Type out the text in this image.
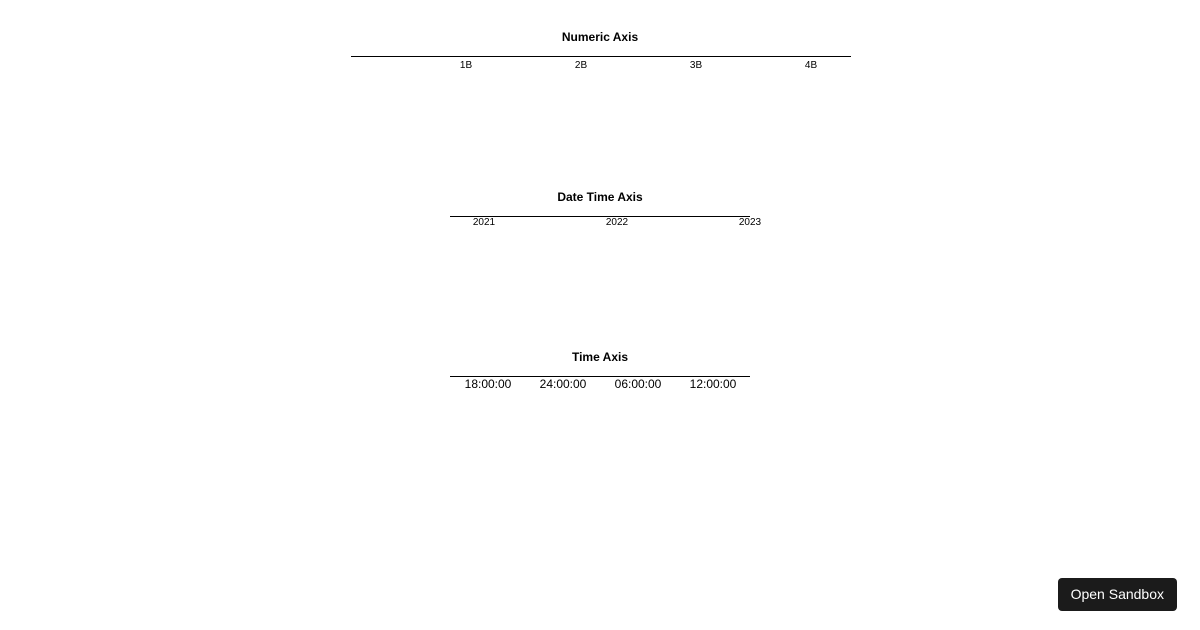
Numeric Axis
1B	2B	3B	4B
Date Time Axis
2021	2022	2023
Time Axis
18:00:00 24:00:00 06:00:00 12:00:00
Open Sandbox
